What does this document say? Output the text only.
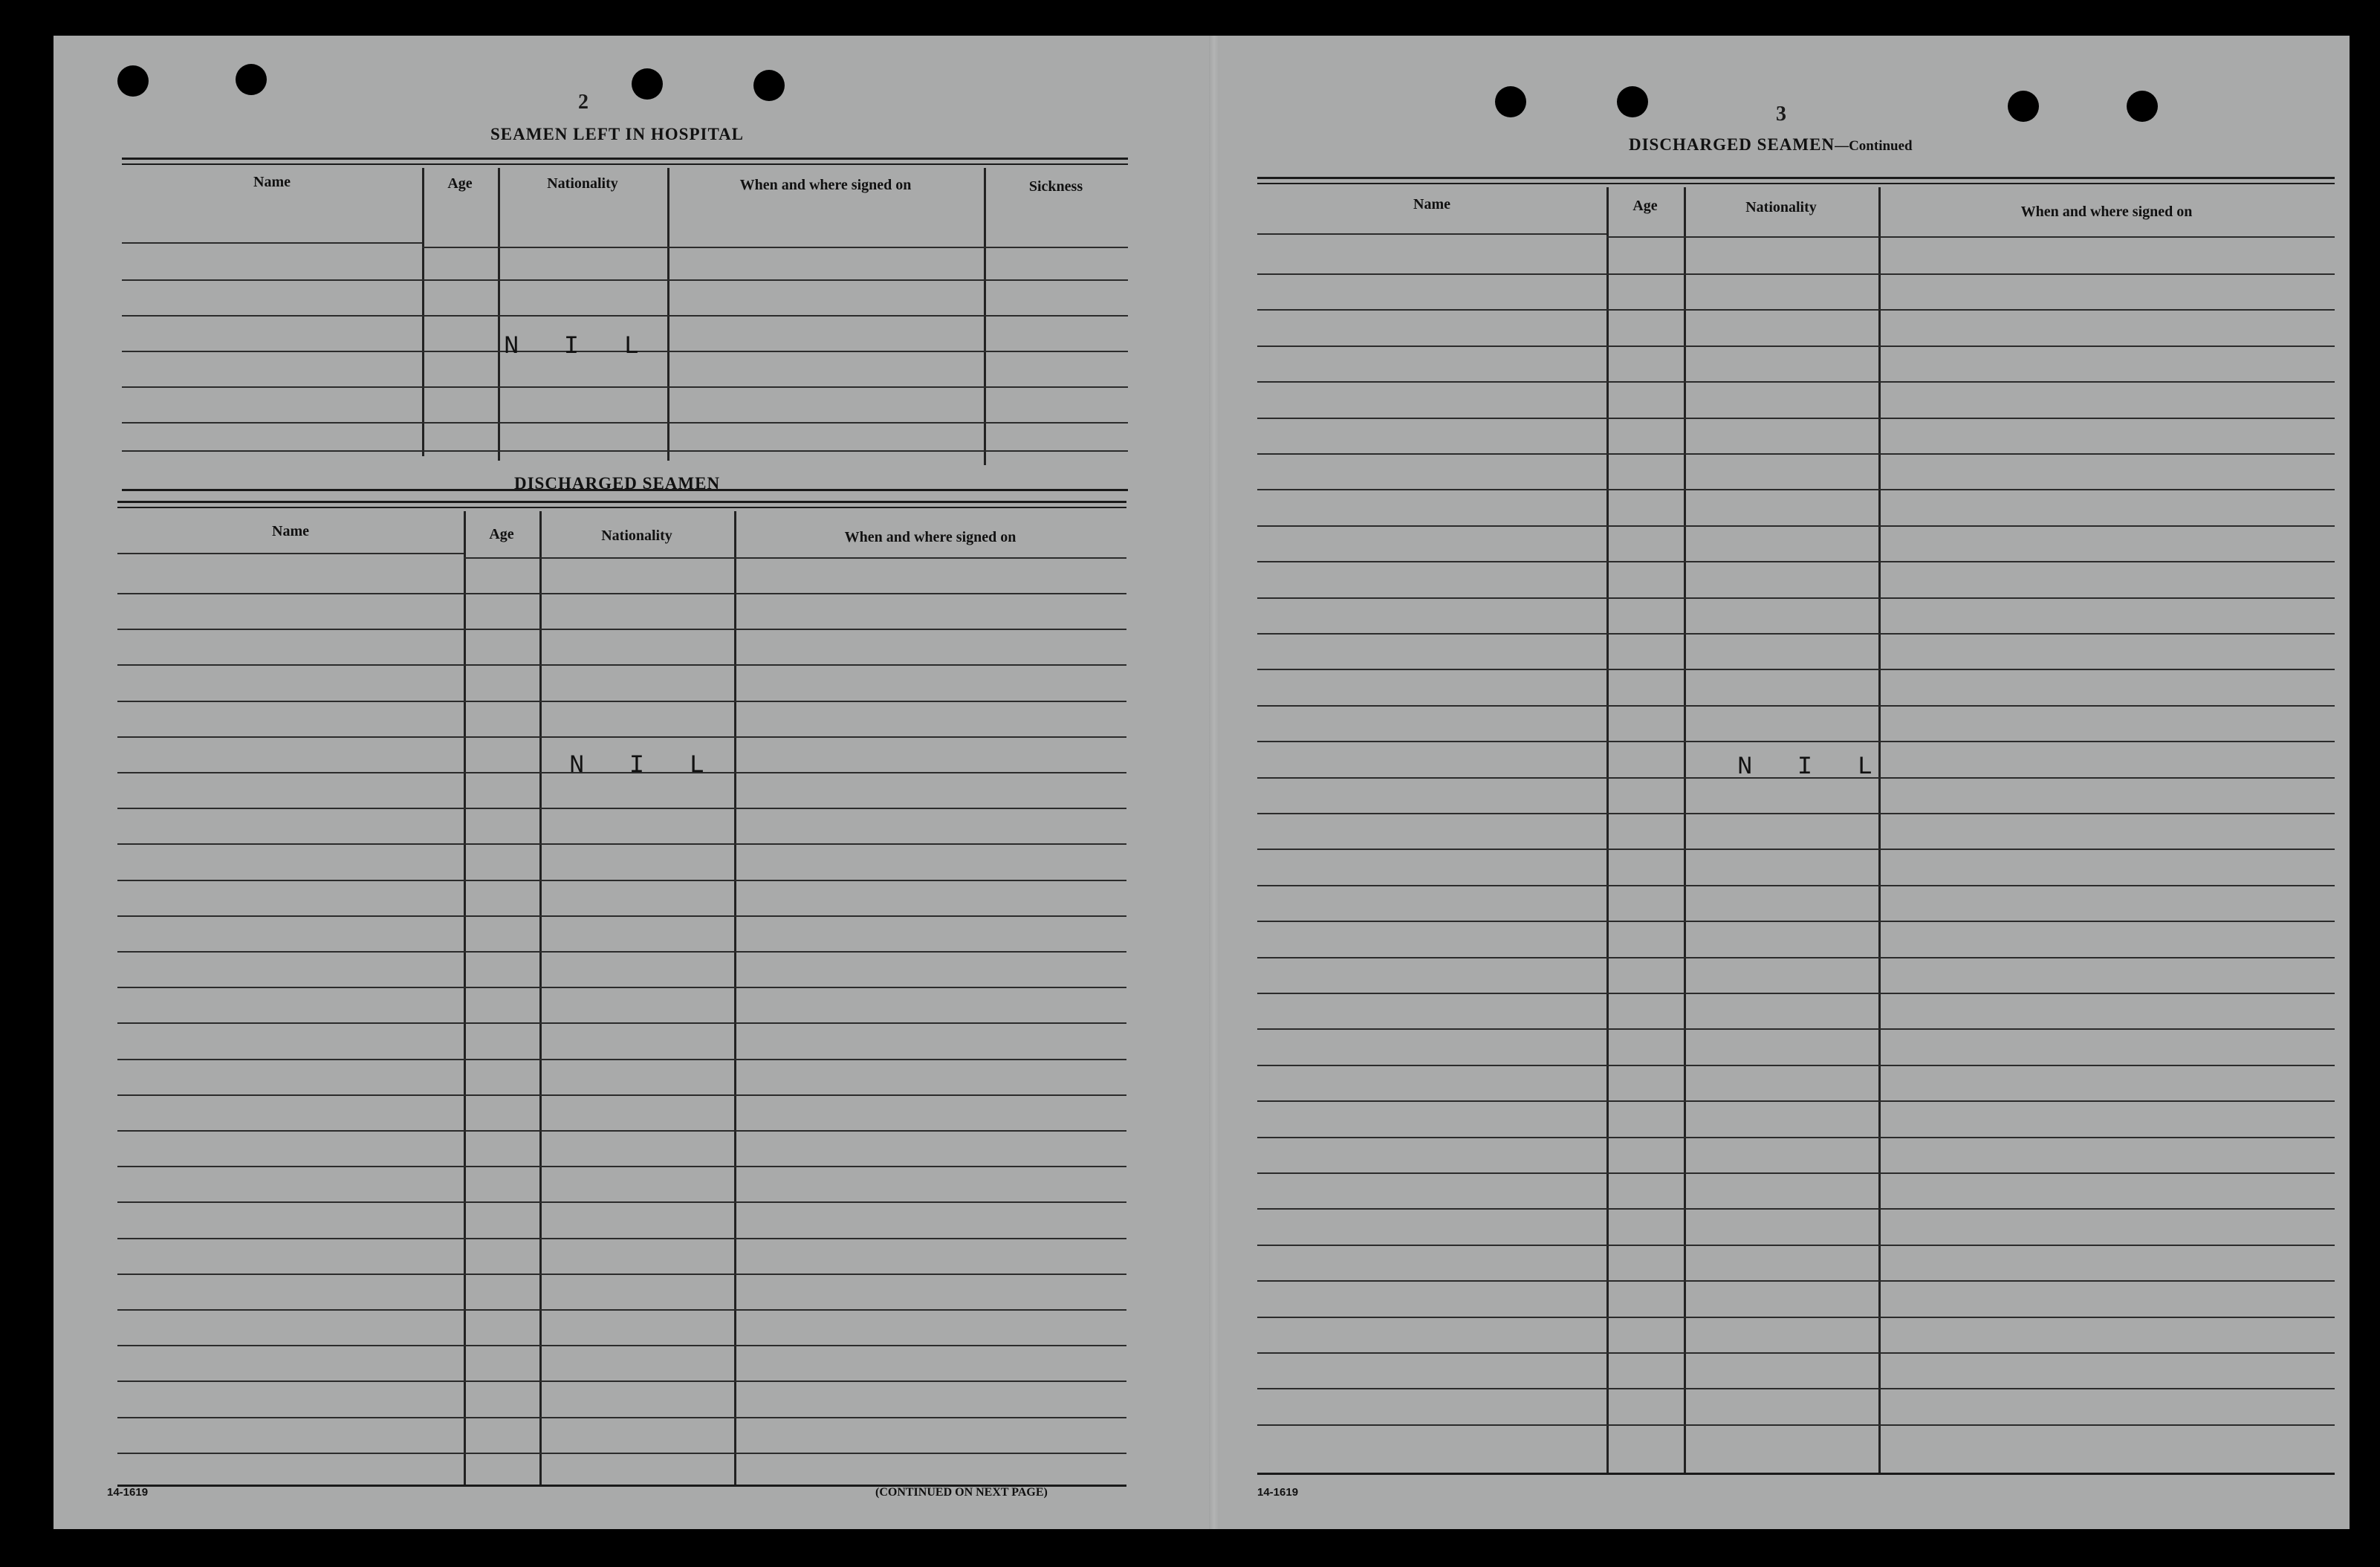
2
SEAMEN LEFT IN HOSPITAL
Name	Age	Nationality	When and where signed on	Sickness
N I L
DISCHARGED SEAMEN
Name	Age	Nationality	When and where signed on
N I L
14-1619	(CONTINUED ON NEXT PAGE)
3
DISCHARGED SEAMEN—Continued
Name	Age	Nationality	When and where signed on
N I L
14-1619
